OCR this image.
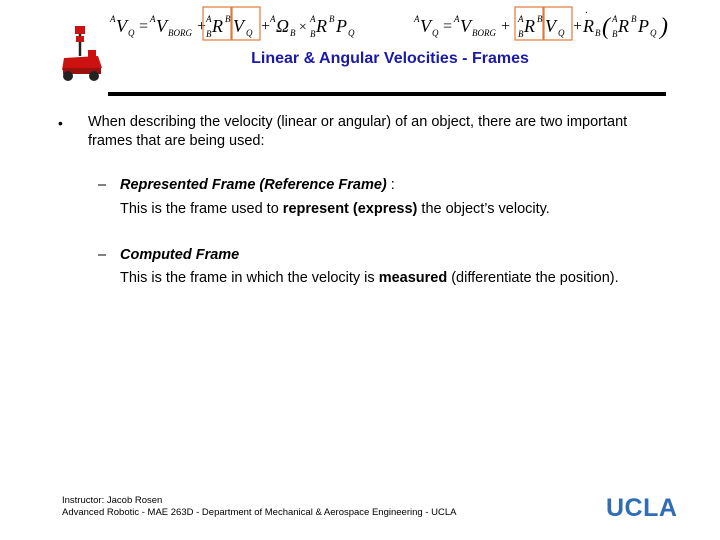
A V Q = A V BORG + A
B R B V Q + A Ω B ×
A
B R B P Q
A V Q = A V BORG + A
B R B V Q + R
·
B ( A
B R B P Q )
Linear & Angular Velocities - Frames
• When describing the velocity (linear or angular) of an object, there are two important frames that are being used:
– Represented Frame (Reference Frame) :
This is the frame used to represent (express) the object’s velocity.
– Computed Frame
This is the frame in which the velocity is measured (differentiate the position).
Instructor: Jacob Rosen
Advanced Robotic - MAE 263D - Department of Mechanical & Aerospace Engineering - UCLA	UCLA
